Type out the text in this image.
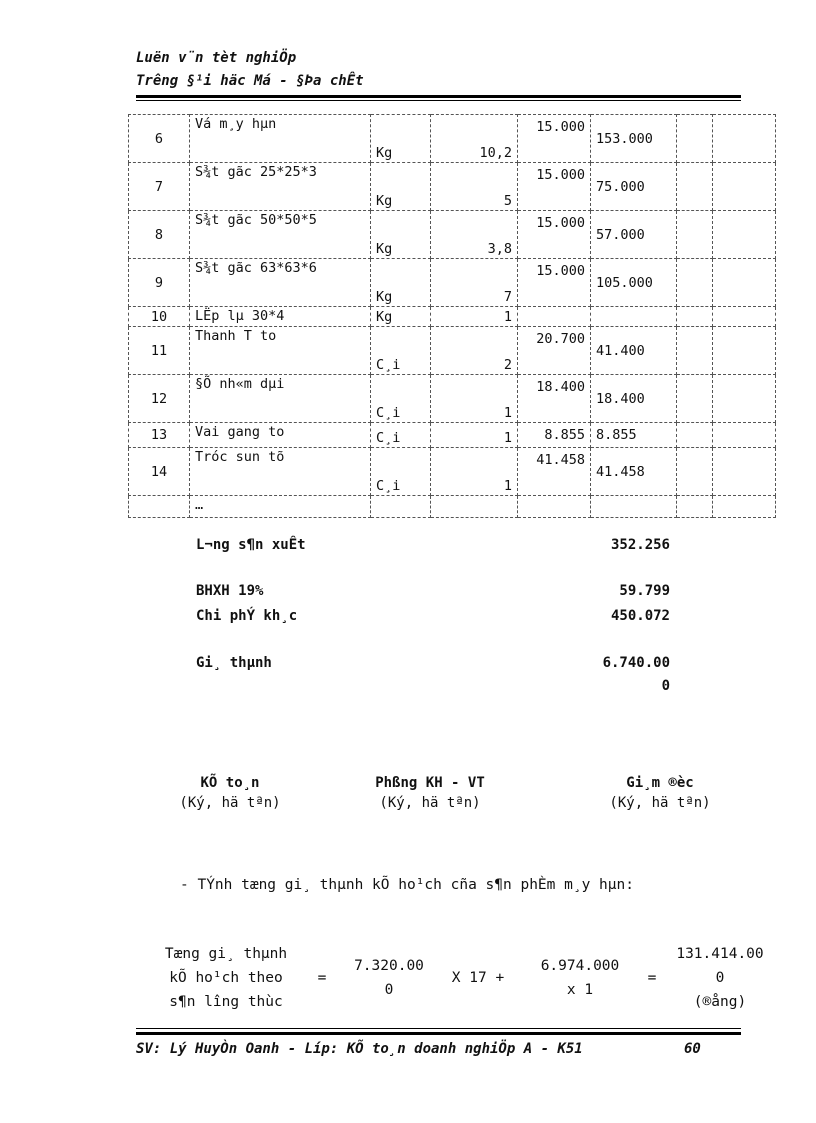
Luën v¨n tèt nghiÖp
Trêng §¹i häc Má - §Þa chÊt
6	Vá m¸y hµn	Kg	10,2	15.000	153.000		
7	S¾t gãc 25*25*3	Kg	5	15.000	75.000		
8	S¾t gãc 50*50*5	Kg	3,8	15.000	57.000		
9	S¾t gãc 63*63*6	Kg	7	15.000	105.000		
10	LËp lµ 30*4	Kg	1				
11	Thanh T to	C¸i	2	20.700	41.400		
12	§Õ nh«m dµi	C¸i	1	18.400	18.400		
13	Vai gang to	C¸i	1	8.855	8.855		
14	Tróc sun tõ	C¸i	1	41.458	41.458		
	…						
L¬ng s¶n xuÊt	352.256
BHXH 19%	59.799
Chi phÝ kh¸c	450.072
Gi¸ thµnh	6.740.000
KÕ to¸n
(Ký, hä tªn)
Phßng KH - VT
(Ký, hä tªn)
Gi¸m ®èc
(Ký, hä tªn)
- TÝnh tæng gi¸ thµnh kÕ ho¹ch cña s¶n phÈm m¸y hµn:
Tæng gi¸ thµnh
kÕ ho¹ch theo
s¶n lîng thùc
=
7.320.000
X 17 +
6.974.000
x 1
=
131.414.000
(®ång)
SV: Lý HuyÒn Oanh - Líp: KÕ to¸n doanh nghiÖp A - K51	60
